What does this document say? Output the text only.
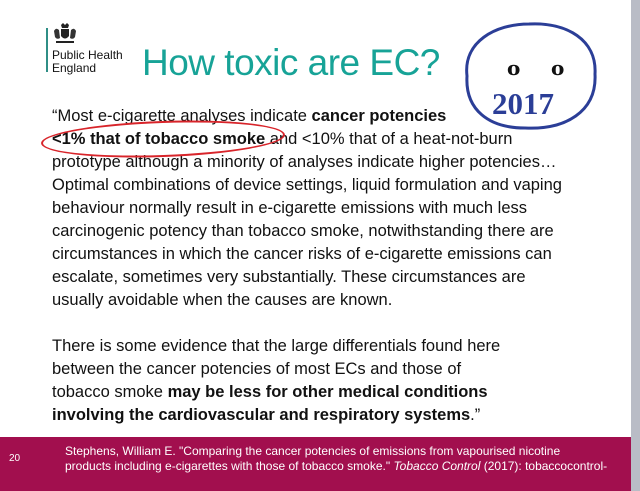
Public Health
England	How toxic are EC?	o o
2017

“Most e-cigarette analyses indicate cancer potencies
<1% that of tobacco smoke and <10% that of a heat-not-burn
prototype although a minority of analyses indicate higher potencies…
Optimal combinations of device settings, liquid formulation and vaping
behaviour normally result in e-cigarette emissions with much less
carcinogenic potency than tobacco smoke, notwithstanding there are
circumstances in which the cancer risks of e-cigarette emissions can
escalate, sometimes very substantially. These circumstances are
usually avoidable when the causes are known.

There is some evidence that the large differentials found here
between the cancer potencies of most ECs and those of
tobacco smoke may be less for other medical conditions
involving the cardiovascular and respiratory systems.”

20
Stephens, William E. "Comparing the cancer potencies of emissions from vapourised nicotine
products including e-cigarettes with those of tobacco smoke." Tobacco Control (2017): tobaccocontrol-
